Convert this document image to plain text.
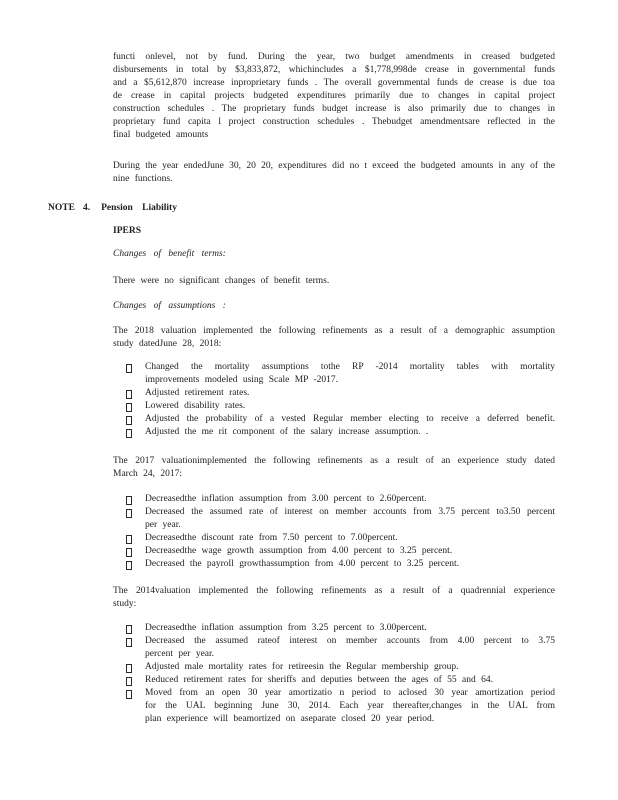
functi onlevel, not by fund. During the year, two budget amendments in creased budgeted
disbursements in total by $3,833,872, whichincludes a $1,778,998de crease in governmental funds
and a $5,612,870 increase inproprietary funds . The overall governmental funds de crease is due toa
de crease in capital projects budgeted expenditures primarily due to changes in capital project
construction schedules . The proprietary funds budget increase is also primarily due to changes in
proprietary fund capita l project construction schedules . Thebudget amendmentsare reflected in the
final budgeted amounts
During the year endedJune 30, 20 20, expenditures did no t exceed the budgeted amounts in any of the
nine functions.
NOTE 4. Pension Liability
IPERS
Changes of benefit terms:
There were no significant changes of benefit terms.
Changes of assumptions :
The 2018 valuation implemented the following refinements as a result of a demographic assumption
study datedJune 28, 2018:
Changed the mortality assumptions tothe RP -2014 mortality tables with mortality
improvements modeled using Scale MP -2017.
Adjusted retirement rates.
Lowered disability rates.
Adjusted the probability of a vested Regular member electing to receive a deferred benefit.
Adjusted the me rit component of the salary increase assumption. .
The 2017 valuationimplemented the following refinements as a result of an experience study dated
March 24, 2017:
Decreasedthe inflation assumption from 3.00 percent to 2.60percent.
Decreased the assumed rate of interest on member accounts from 3.75 percent to3.50 percent
per year.
Decreasedthe discount rate from 7.50 percent to 7.00percent.
Decreasedthe wage growth assumption from 4.00 percent to 3.25 percent.
Decreased the payroll growthassumption from 4.00 percent to 3.25 percent.
The 2014valuation implemented the following refinements as a result of a quadrennial experience
study:
Decreasedthe inflation assumption from 3.25 percent to 3.00percent.
Decreased the assumed rateof interest on member accounts from 4.00 percent to 3.75
percent per year.
Adjusted male mortality rates for retireesin the Regular membership group.
Reduced retirement rates for sheriffs and deputies between the ages of 55 and 64.
Moved from an open 30 year amortizatio n period to aclosed 30 year amortization period
for the UAL beginning June 30, 2014. Each year thereafter,changes in the UAL from
plan experience will beamortized on aseparate closed 20 year period.
